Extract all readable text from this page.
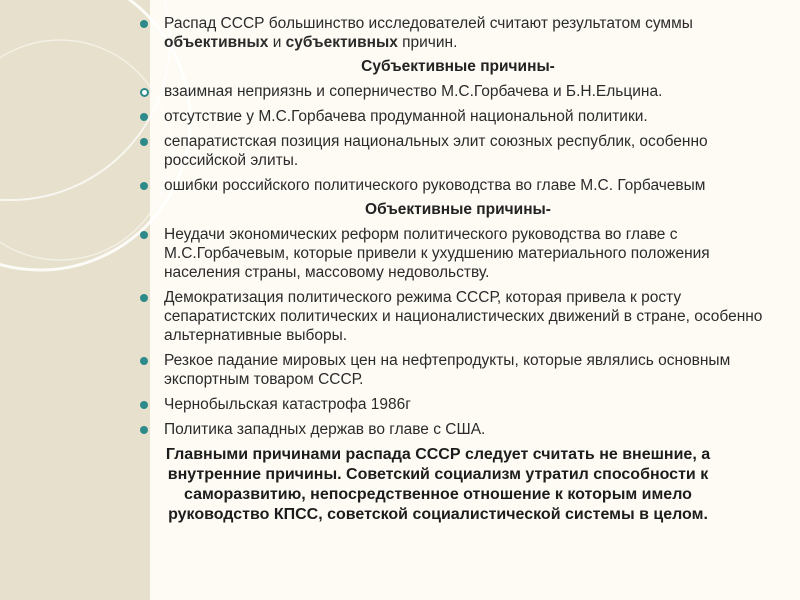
Распад СССР большинство исследователей считают результатом суммы объективных и субъективных причин.
Субъективные причины-
взаимная неприязнь и соперничество М.С.Горбачева и Б.Н.Ельцина.
отсутствие у М.С.Горбачева продуманной национальной политики.
сепаратистская позиция национальных элит союзных республик, особенно российской элиты.
ошибки российского политического руководства во главе М.С. Горбачевым
Объективные причины-
Неудачи экономических реформ политического руководства во главе с М.С.Горбачевым, которые привели к ухудшению материального положения населения страны, массовому недовольству.
Демократизация политического режима СССР, которая привела к росту сепаратистских политических и националистических движений в стране, особенно альтернативные выборы.
Резкое падание мировых цен на нефтепродукты, которые являлись основным экспортным товаром СССР.
Чернобыльская катастрофа 1986г
Политика западных держав во главе с США.
Главными причинами распада СССР следует считать не внешние, а внутренние причины. Советский социализм утратил способности к саморазвитию, непосредственное отношение к которым имело руководство КПСС, советской социалистической системы в целом.
